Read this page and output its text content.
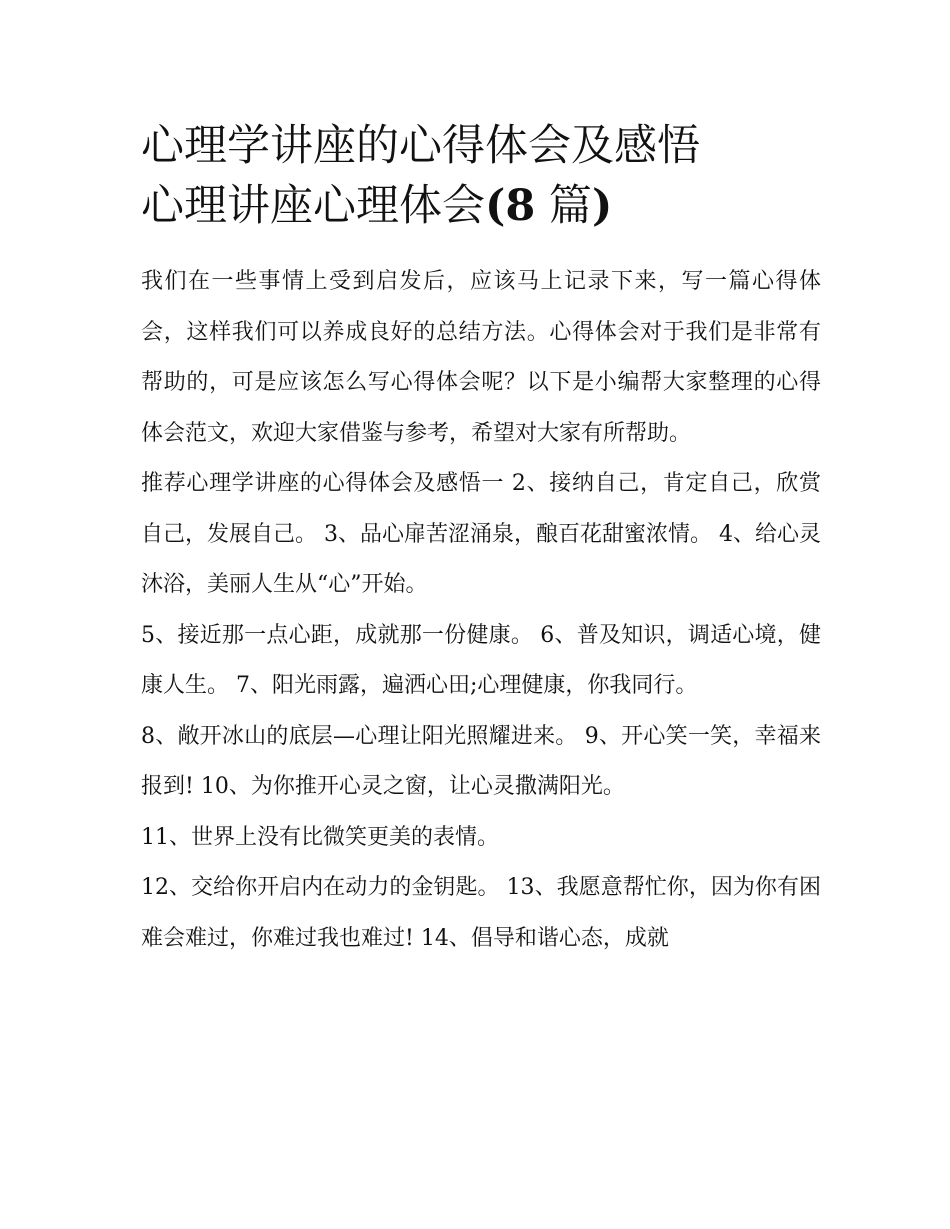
心理学讲座的心得体会及感悟
心理讲座心理体会(8 篇)

我们在一些事情上受到启发后，应该马上记录下来，写一篇心得体会，这样我们可以养成良好的总结方法。心得体会对于我们是非常有帮助的，可是应该怎么写心得体会呢？以下是小编帮大家整理的心得体会范文，欢迎大家借鉴与参考，希望对大家有所帮助。

推荐心理学讲座的心得体会及感悟一 2、接纳自己，肯定自己，欣赏自己，发展自己。 3、品心扉苦涩涌泉，酿百花甜蜜浓情。 4、给心灵沐浴，美丽人生从“心”开始。

5、接近那一点心距，成就那一份健康。 6、普及知识，调适心境，健康人生。 7、阳光雨露，遍洒心田;心理健康，你我同行。

8、敞开冰山的底层—心理让阳光照耀进来。 9、开心笑一笑，幸福来报到! 10、为你推开心灵之窗，让心灵撒满阳光。

11、世界上没有比微笑更美的表情。

12、交给你开启内在动力的金钥匙。 13、我愿意帮忙你，因为你有困难会难过，你难过我也难过! 14、倡导和谐心态，成就
